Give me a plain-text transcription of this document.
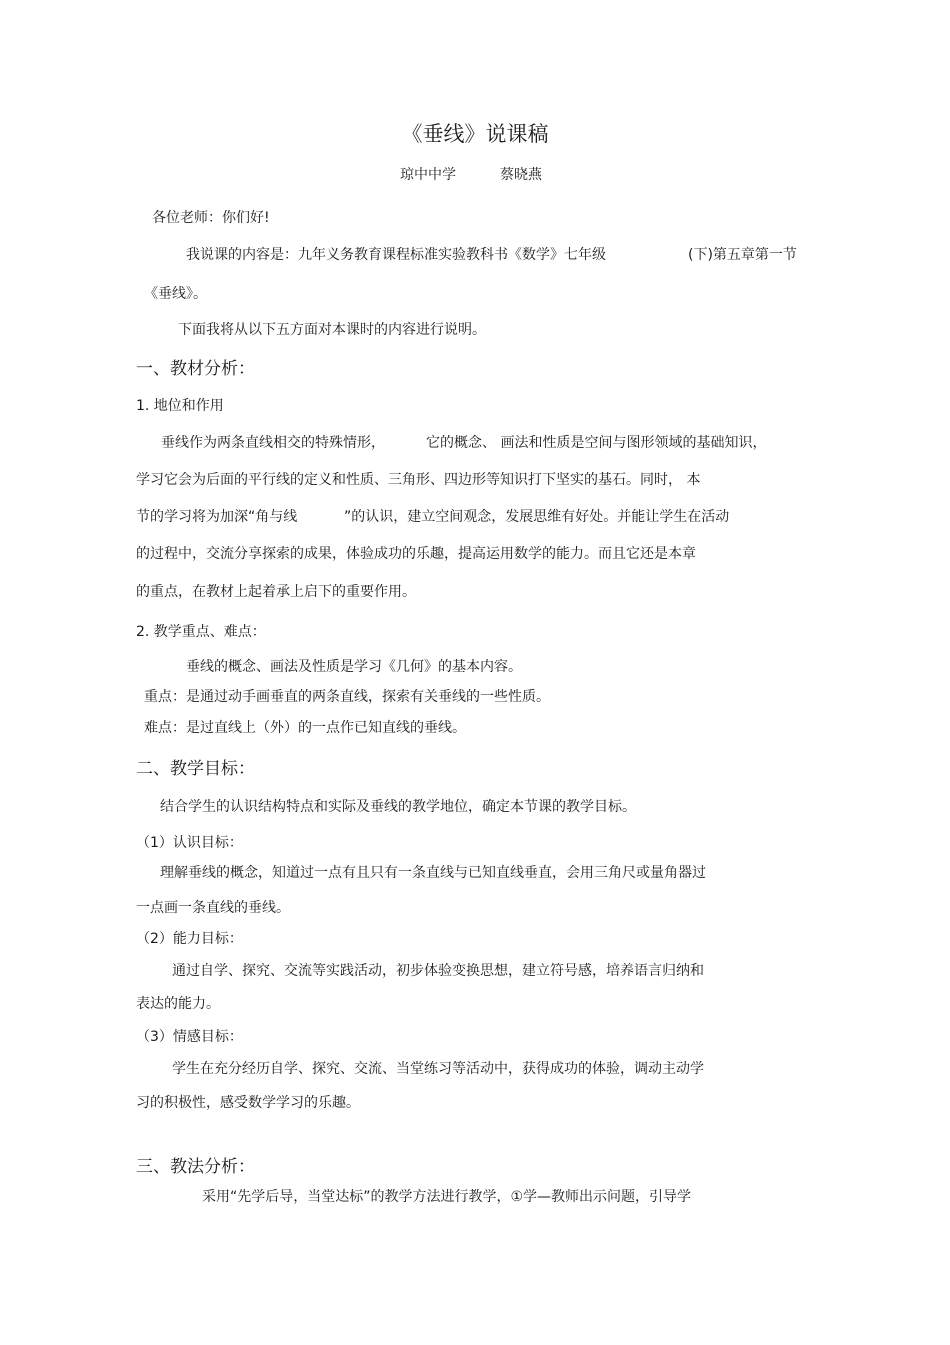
《垂线》说课稿
琼中中学	蔡晓燕
各位老师：你们好!
我说课的内容是：九年义务教育课程标准实验教科书《数学》七年级	(下)第五章第一节
《垂线》。
下面我将从以下五方面对本课时的内容进行说明。
一、教材分析：
1. 地位和作用
垂线作为两条直线相交的特殊情形，	它的概念、 画法和性质是空间与图形领域的基础知识，
学习它会为后面的平行线的定义和性质、三角形、四边形等知识打下坚实的基石。同时， 本
节的学习将为加深“角与线	”的认识，建立空间观念，发展思维有好处。并能让学生在活动
的过程中，交流分享探索的成果，体验成功的乐趣，提高运用数学的能力。而且它还是本章
的重点，在教材上起着承上启下的重要作用。
2. 教学重点、难点：
垂线的概念、画法及性质是学习《几何》的基本内容。
重点：是通过动手画垂直的两条直线，探索有关垂线的一些性质。
难点：是过直线上（外）的一点作已知直线的垂线。
二、教学目标：
结合学生的认识结构特点和实际及垂线的教学地位，确定本节课的教学目标。
（1）认识目标：
理解垂线的概念，知道过一点有且只有一条直线与已知直线垂直，会用三角尺或量角器过
一点画一条直线的垂线。
（2）能力目标：
通过自学、探究、交流等实践活动，初步体验变换思想，建立符号感，培养语言归纳和
表达的能力。
（3）情感目标：
学生在充分经历自学、探究、交流、当堂练习等活动中，获得成功的体验，调动主动学
习的积极性，感受数学学习的乐趣。
三、教法分析：
采用“先学后导，当堂达标”的教学方法进行教学，①学—教师出示问题，引导学
